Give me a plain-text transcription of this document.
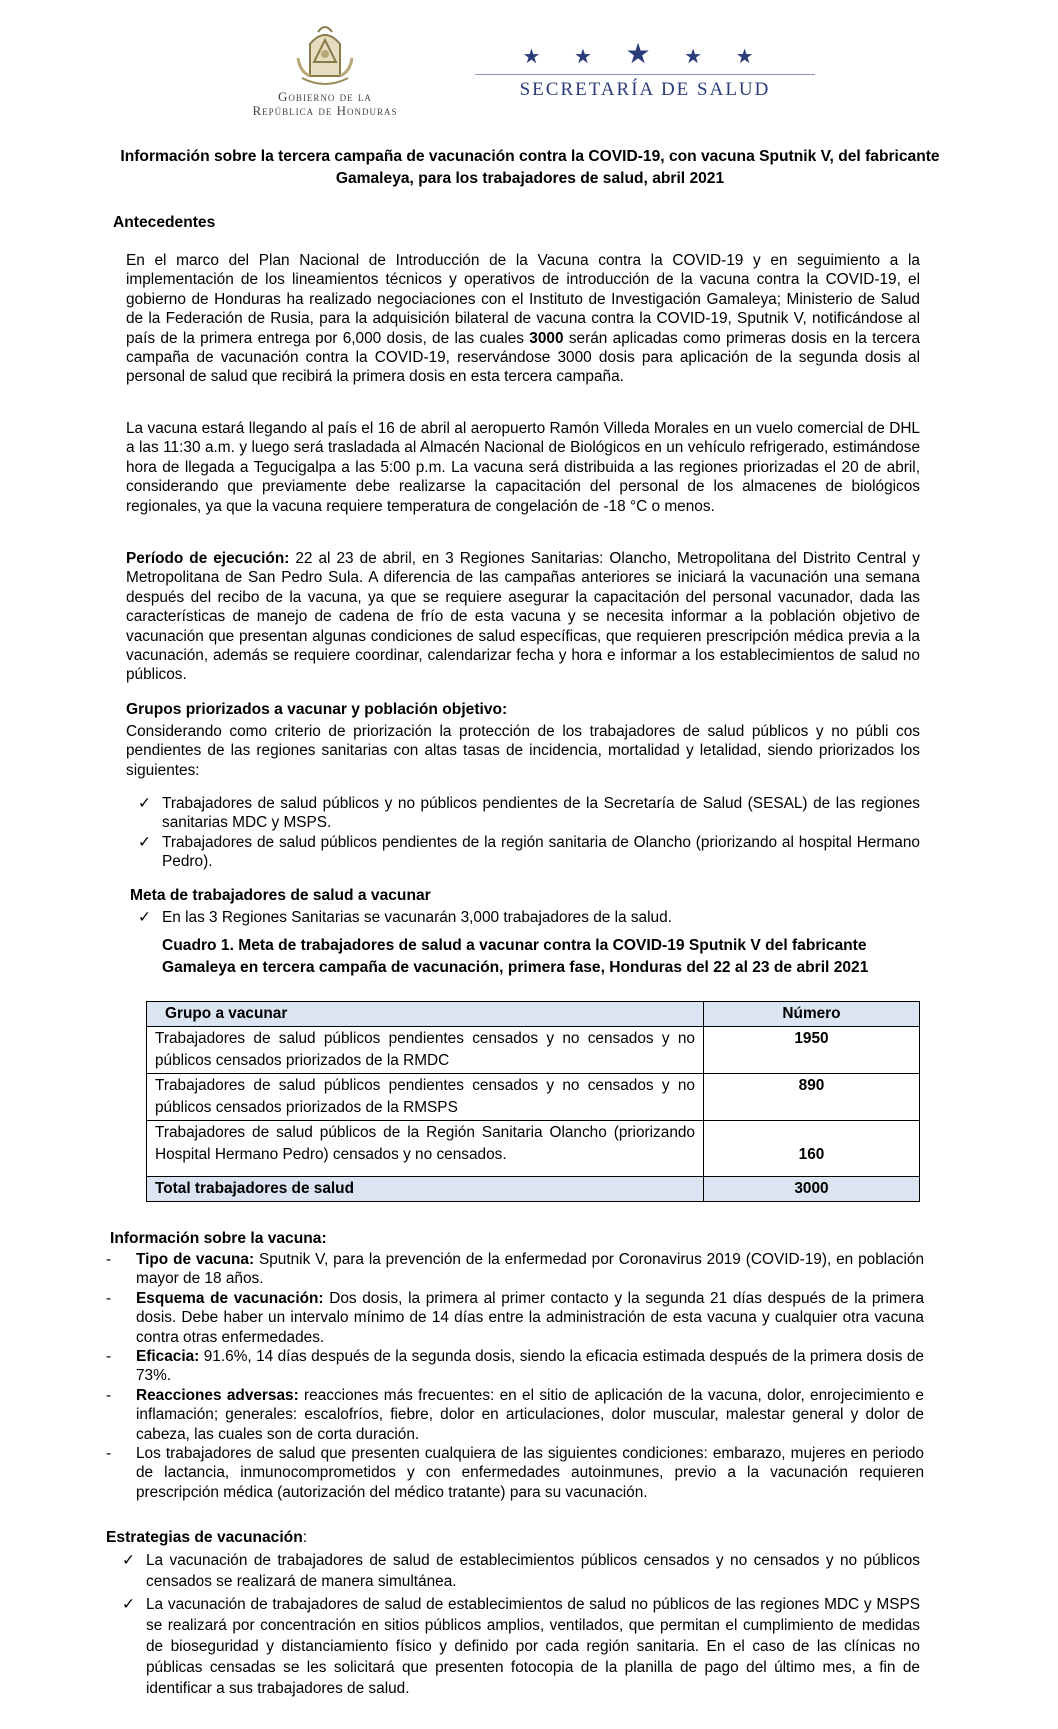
Gobierno de la
República de Honduras
★ ★ ★ ★ ★
SECRETARÍA DE SALUD
Información sobre la tercera campaña de vacunación contra la COVID-19, con vacuna Sputnik V, del fabricante Gamaleya, para los trabajadores de salud, abril 2021
Antecedentes

En el marco del Plan Nacional de Introducción de la Vacuna contra la COVID-19 y en seguimiento a la implementación de los lineamientos técnicos y operativos de introducción de la vacuna contra la COVID-19, el gobierno de Honduras ha realizado negociaciones con el Instituto de Investigación Gamaleya; Ministerio de Salud de la Federación de Rusia, para la adquisición bilateral de vacuna contra la COVID-19, Sputnik V, notificándose al país de la primera entrega por 6,000 dosis, de las cuales 3000 serán aplicadas como primeras dosis en la tercera campaña de vacunación contra la COVID-19, reservándose 3000 dosis para aplicación de la segunda dosis al personal de salud que recibirá la primera dosis en esta tercera campaña.

La vacuna estará llegando al país el 16 de abril al aeropuerto Ramón Villeda Morales en un vuelo comercial de DHL a las 11:30 a.m. y luego será trasladada al Almacén Nacional de Biológicos en un vehículo refrigerado, estimándose hora de llegada a Tegucigalpa a las 5:00 p.m. La vacuna será distribuida a las regiones priorizadas el 20 de abril, considerando que previamente debe realizarse la capacitación del personal de los almacenes de biológicos regionales, ya que la vacuna requiere temperatura de congelación de -18 °C o menos.

Período de ejecución: 22 al 23 de abril, en 3 Regiones Sanitarias: Olancho, Metropolitana del Distrito Central y Metropolitana de San Pedro Sula. A diferencia de las campañas anteriores se iniciará la vacunación una semana después del recibo de la vacuna, ya que se requiere asegurar la capacitación del personal vacunador, dada las características de manejo de cadena de frío de esta vacuna y se necesita informar a la población objetivo de vacunación que presentan algunas condiciones de salud específicas, que requieren prescripción médica previa a la vacunación, además se requiere coordinar, calendarizar fecha y hora e informar a los establecimientos de salud no públicos.

Grupos priorizados a vacunar y población objetivo:

Considerando como criterio de priorización la protección de los trabajadores de salud públicos y no públi cos pendientes de las regiones sanitarias con altas tasas de incidencia, mortalidad y letalidad, siendo priorizados los siguientes:

✓ Trabajadores de salud públicos y no públicos pendientes de la Secretaría de Salud (SESAL) de las regiones sanitarias MDC y MSPS.
✓ Trabajadores de salud públicos pendientes de la región sanitaria de Olancho (priorizando al hospital Hermano Pedro).
Meta de trabajadores de salud a vacunar
✓ En las 3 Regiones Sanitarias se vacunarán 3,000 trabajadores de la salud.
Cuadro 1. Meta de trabajadores de salud a vacunar contra la COVID-19 Sputnik V del fabricante Gamaleya en tercera campaña de vacunación, primera fase, Honduras del 22 al 23 de abril 2021
Grupo a vacunar	Número
Trabajadores de salud públicos pendientes censados y no censados y no públicos censados priorizados de la RMDC	1950
Trabajadores de salud públicos pendientes censados y no censados y no públicos censados priorizados de la RMSPS	890
Trabajadores de salud públicos de la Región Sanitaria Olancho (priorizando Hospital Hermano Pedro) censados y no censados.	160
Total trabajadores de salud	3000
Información sobre la vacuna:
- Tipo de vacuna: Sputnik V, para la prevención de la enfermedad por Coronavirus 2019 (COVID-19), en población mayor de 18 años.
- Esquema de vacunación: Dos dosis, la primera al primer contacto y la segunda 21 días después de la primera dosis. Debe haber un intervalo mínimo de 14 días entre la administración de esta vacuna y cualquier otra vacuna contra otras enfermedades.
- Eficacia: 91.6%, 14 días después de la segunda dosis, siendo la eficacia estimada después de la primera dosis de 73%.
- Reacciones adversas: reacciones más frecuentes: en el sitio de aplicación de la vacuna, dolor, enrojecimiento e inflamación; generales: escalofríos, fiebre, dolor en articulaciones, dolor muscular, malestar general y dolor de cabeza, las cuales son de corta duración.
- Los trabajadores de salud que presenten cualquiera de las siguientes condiciones: embarazo, mujeres en periodo de lactancia, inmunocomprometidos y con enfermedades autoinmunes, previo a la vacunación requieren prescripción médica (autorización del médico tratante) para su vacunación.
Estrategias de vacunación:
✓ La vacunación de trabajadores de salud de establecimientos públicos censados y no censados y no públicos censados se realizará de manera simultánea.
✓ La vacunación de trabajadores de salud de establecimientos de salud no públicos de las regiones MDC y MSPS se realizará por concentración en sitios públicos amplios, ventilados, que permitan el cumplimiento de medidas de bioseguridad y distanciamiento físico y definido por cada región sanitaria. En el caso de las clínicas no públicas censadas se les solicitará que presenten fotocopia de la planilla de pago del último mes, a fin de identificar a sus trabajadores de salud.
